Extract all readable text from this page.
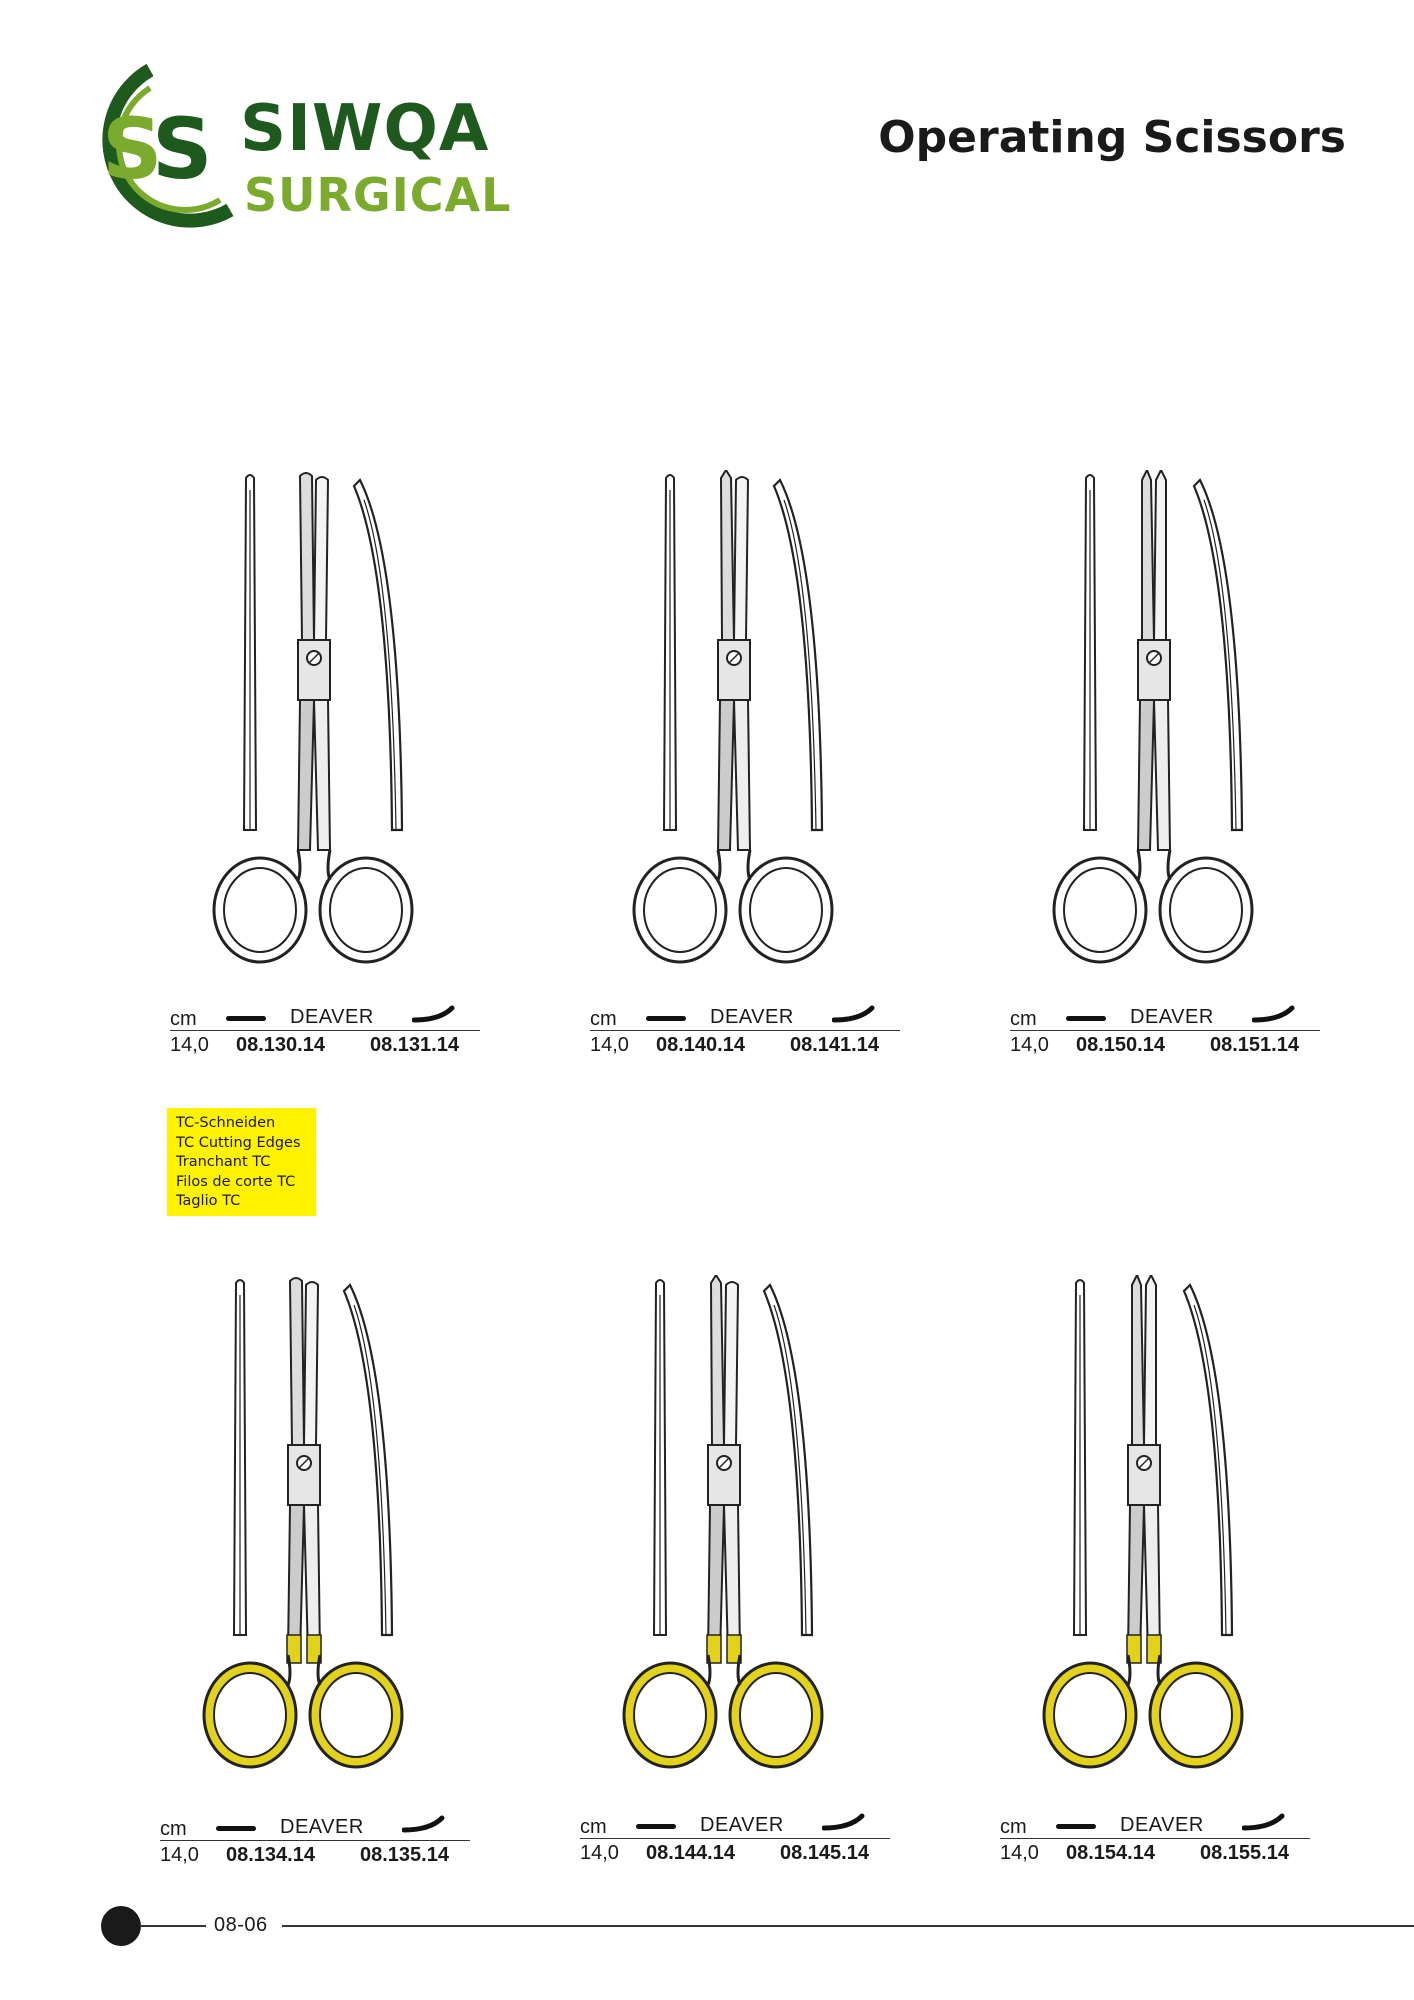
S
S SIWQA
SURGICAL
Operating Scissors
cm	DEAVER
14,0 08.130.14 08.131.14
cm	DEAVER
14,0 08.140.14 08.141.14
cm	DEAVER
14,0 08.150.14 08.151.14
cm	DEAVER
14,0 08.134.14 08.135.14
cm	DEAVER
14,0 08.144.14 08.145.14
cm	DEAVER
14,0 08.154.14 08.155.14
TC-Schneiden
TC Cutting Edges
Tranchant TC
Filos de corte TC
Taglio TC
08-06
